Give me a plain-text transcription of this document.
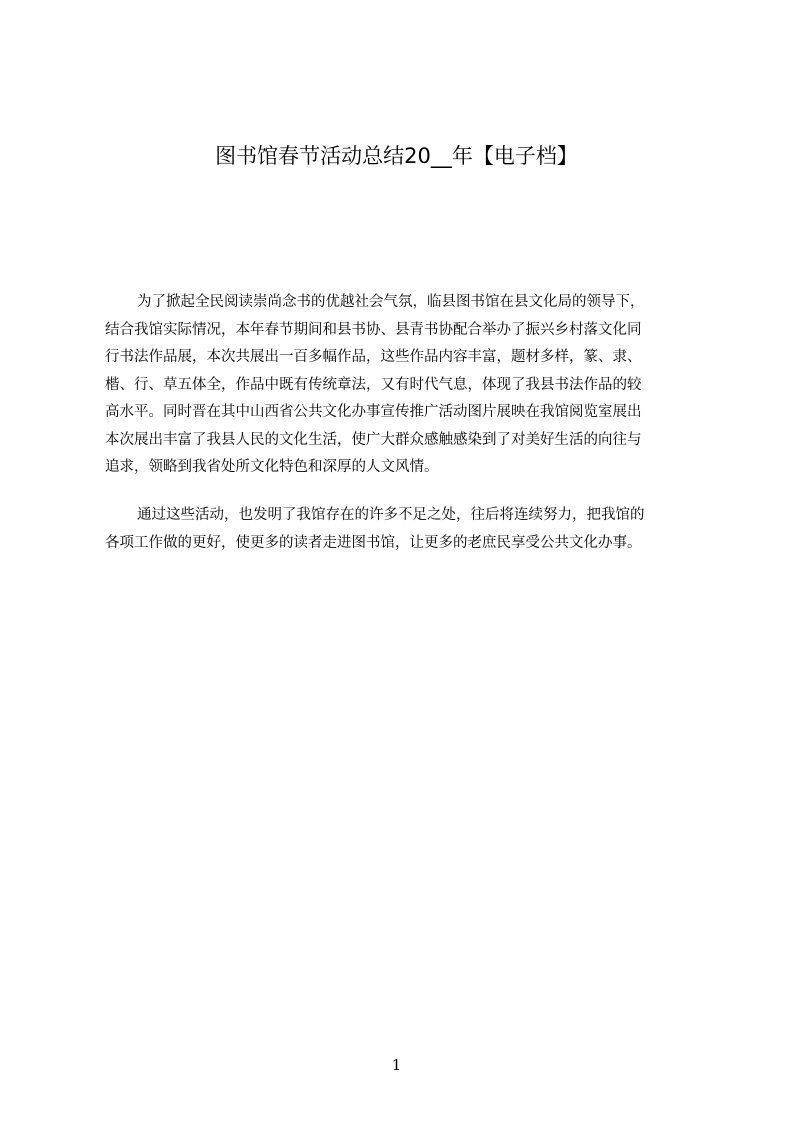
图书馆春节活动总结20__年【电子档】
为了掀起全民阅读崇尚念书的优越社会气氛，临县图书馆在县文化局的领导下，
结合我馆实际情况，本年春节期间和县书协、县青书协配合举办了振兴乡村落文化同
行书法作品展，本次共展出一百多幅作品，这些作品内容丰富，题材多样，篆、隶、
楷、行、草五体全，作品中既有传统章法，又有时代气息，体现了我县书法作品的较
高水平。同时晋在其中山西省公共文化办事宣传推广活动图片展映在我馆阅览室展出
本次展出丰富了我县人民的文化生活，使广大群众感触感染到了对美好生活的向往与
追求，领略到我省处所文化特色和深厚的人文风情。
通过这些活动，也发明了我馆存在的许多不足之处，往后将连续努力，把我馆的
各项工作做的更好，使更多的读者走进图书馆，让更多的老庶民享受公共文化办事。
1
